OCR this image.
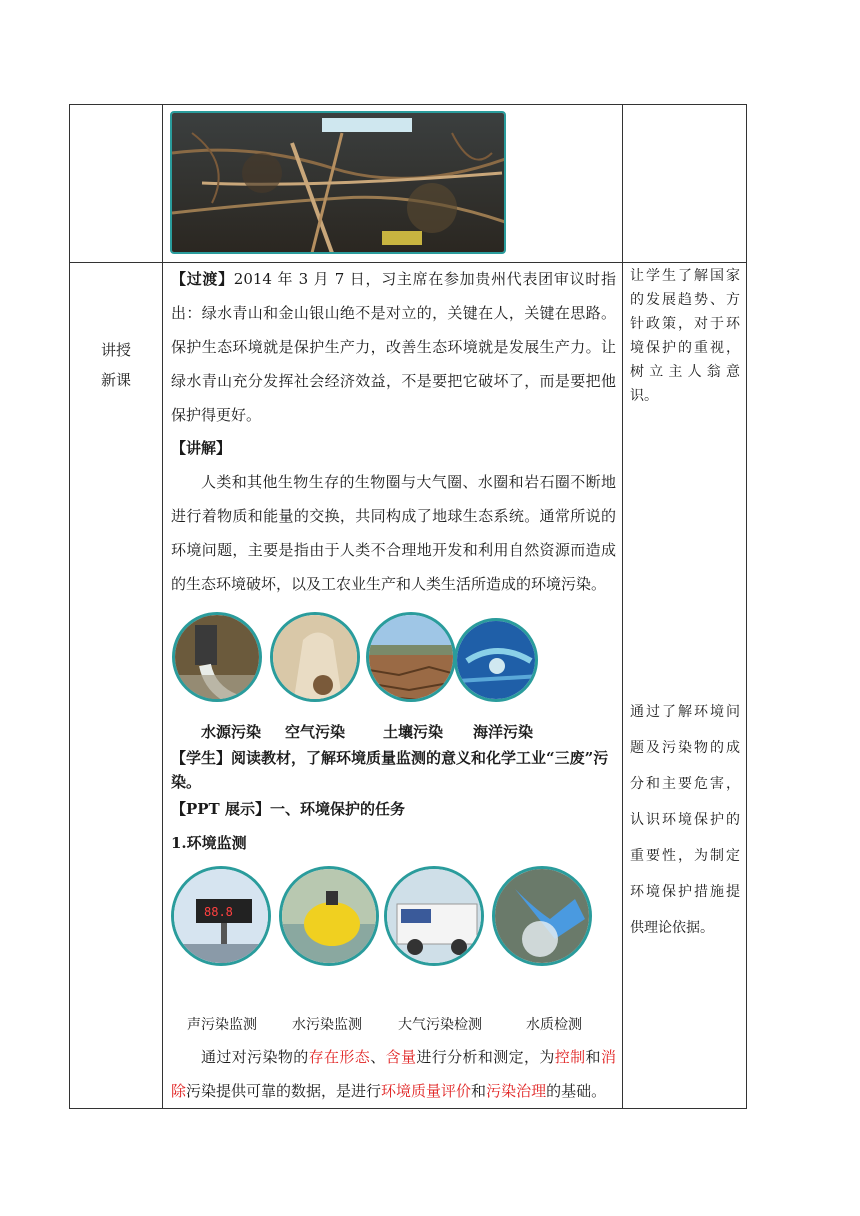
讲授
新课
让学生了解国家的发展趋势、方针政策，对于环境保护的重视，树立主人翁意识。
通过了解环境问题及污染物的成分和主要危害，认识环境保护的重要性，为制定环境保护措施提供理论依据。

【过渡】2014 年 3 月 7 日，习主席在参加贵州代表团审议时指出：绿水青山和金山银山绝不是对立的，关键在人，关键在思路。保护生态环境就是保护生产力，改善生态环境就是发展生产力。让绿水青山充分发挥社会经济效益，不是要把它破坏了，而是要把他保护得更好。

【讲解】

人类和其他生物生存的生物圈与大气圈、水圈和岩石圈不断地进行着物质和能量的交换，共同构成了地球生态系统。通常所说的环境问题，主要是指由于人类不合理地开发和利用自然资源而造成的生态环境破坏，以及工农业生产和人类生活所造成的环境污染。

水源污染 空气污染	土壤污染 海洋污染

【学生】阅读教材，了解环境质量监测的意义和化学工业“三废”污染。

【PPT 展示】一、环境保护的任务
1.环境监测
88.8
声污染监测	水污染监测	大气污染检测	水质检测

通过对污染物的存在形态、含量进行分析和测定，为控制和消除污染提供可靠的数据，是进行环境质量评价和污染治理的基础。
